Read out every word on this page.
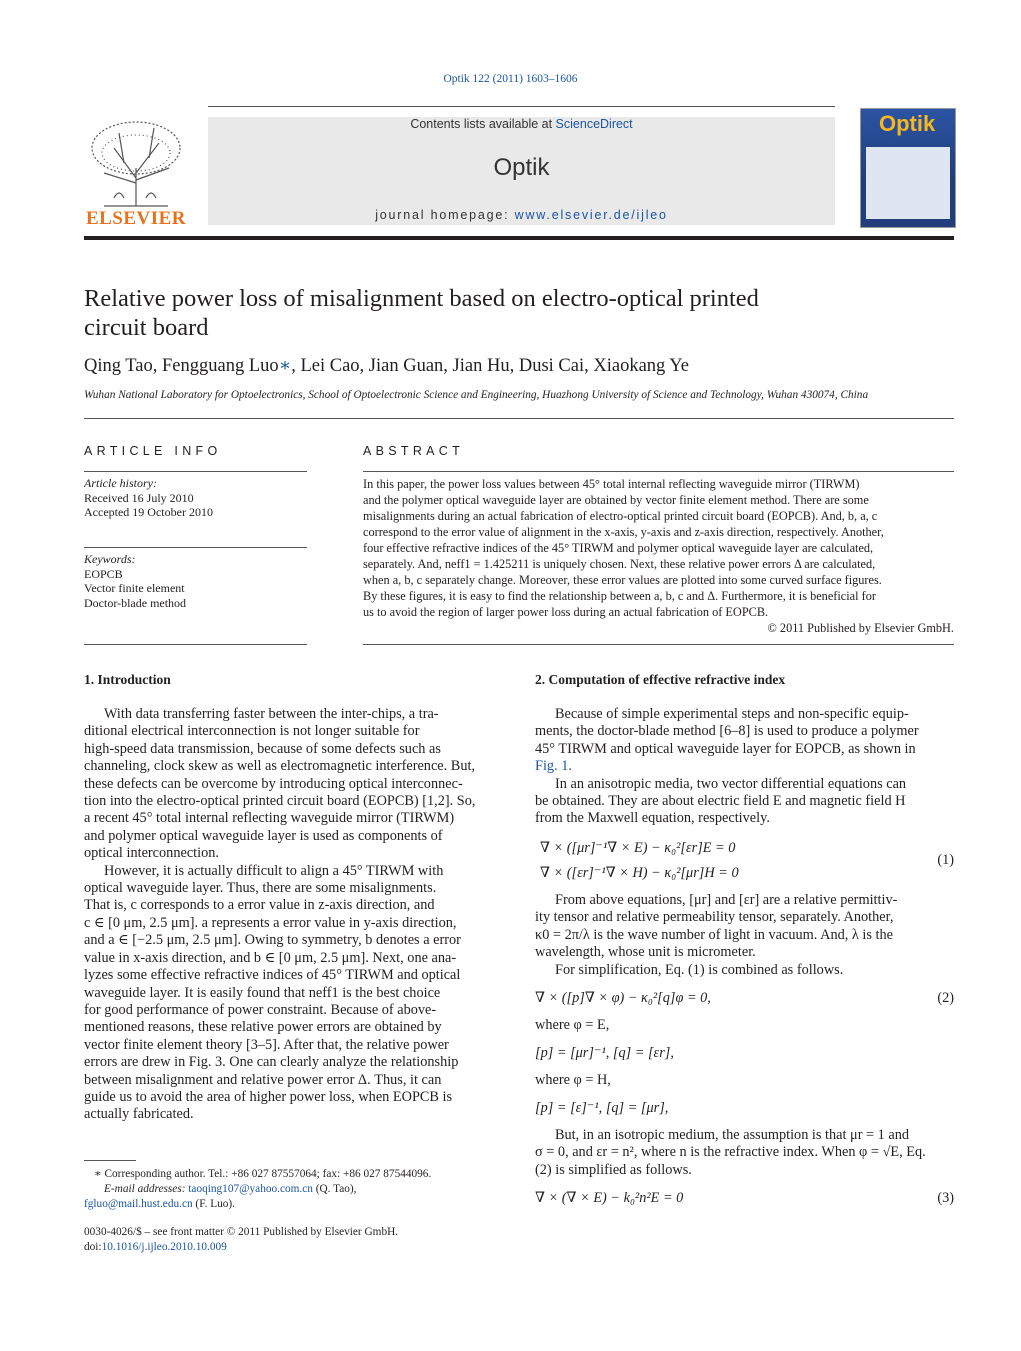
Optik 122 (2011) 1603–1606
ELSEVIER
Contents lists available at ScienceDirect
Optik
journal homepage: www.elsevier.de/ijleo
Optik
Relative power loss of misalignment based on electro-optical printed
circuit board
Qing Tao, Fengguang Luo∗, Lei Cao, Jian Guan, Jian Hu, Dusi Cai, Xiaokang Ye
Wuhan National Laboratory for Optoelectronics, School of Optoelectronic Science and Engineering, Huazhong University of Science and Technology, Wuhan 430074, China
ARTICLE INFO
Article history:
Received 16 July 2010
Accepted 19 October 2010
Keywords:
EOPCB
Vector finite element
Doctor-blade method
ABSTRACT
In this paper, the power loss values between 45° total internal reflecting waveguide mirror (TIRWM)
and the polymer optical waveguide layer are obtained by vector finite element method. There are some
misalignments during an actual fabrication of electro-optical printed circuit board (EOPCB). And, b, a, c
correspond to the error value of alignment in the x-axis, y-axis and z-axis direction, respectively. Another,
four effective refractive indices of the 45° TIRWM and polymer optical waveguide layer are calculated,
separately. And, neff1 = 1.425211 is uniquely chosen. Next, these relative power errors Δ are calculated,
when a, b, c separately change. Moreover, these error values are plotted into some curved surface figures.
By these figures, it is easy to find the relationship between a, b, c and Δ. Furthermore, it is beneficial for
us to avoid the region of larger power loss during an actual fabrication of EOPCB.
© 2011 Published by Elsevier GmbH.
1. Introduction
With data transferring faster between the inter-chips, a tra-
ditional electrical interconnection is not longer suitable for
high-speed data transmission, because of some defects such as
channeling, clock skew as well as electromagnetic interference. But,
these defects can be overcome by introducing optical interconnec-
tion into the electro-optical printed circuit board (EOPCB) [1,2]. So,
a recent 45° total internal reflecting waveguide mirror (TIRWM)
and polymer optical waveguide layer is used as components of
optical interconnection.
However, it is actually difficult to align a 45° TIRWM with
optical waveguide layer. Thus, there are some misalignments.
That is, c corresponds to a error value in z-axis direction, and
c ∈ [0 μm, 2.5 μm]. a represents a error value in y-axis direction,
and a ∈ [−2.5 μm, 2.5 μm]. Owing to symmetry, b denotes a error
value in x-axis direction, and b ∈ [0 μm, 2.5 μm]. Next, one ana-
lyzes some effective refractive indices of 45° TIRWM and optical
waveguide layer. It is easily found that neff1 is the best choice
for good performance of power constraint. Because of above-
mentioned reasons, these relative power errors are obtained by
vector finite element theory [3–5]. After that, the relative power
errors are drew in Fig. 3. One can clearly analyze the relationship
between misalignment and relative power error Δ. Thus, it can
guide us to avoid the area of higher power loss, when EOPCB is
actually fabricated.
2. Computation of effective refractive index
Because of simple experimental steps and non-specific equip-
ments, the doctor-blade method [6–8] is used to produce a polymer
45° TIRWM and optical waveguide layer for EOPCB, as shown in
Fig. 1.
In an anisotropic media, two vector differential equations can
be obtained. They are about electric field E and magnetic field H
from the Maxwell equation, respectively.
∇ × ([μr]⁻¹∇ × E) − κ₀²[εr]E = 0
∇ × ([εr]⁻¹∇ × H) − κ₀²[μr]H = 0
(1)
From above equations, [μr] and [εr] are a relative permittiv-
ity tensor and relative permeability tensor, separately. Another,
κ0 = 2π/λ is the wave number of light in vacuum. And, λ is the
wavelength, whose unit is micrometer.
For simplification, Eq. (1) is combined as follows.
∇ × ([p]∇ × φ) − κ₀²[q]φ = 0,	(2)
where φ = E,
[p] = [μr]⁻¹, [q] = [εr],
where φ = H,
[p] = [ε]⁻¹, [q] = [μr],
But, in an isotropic medium, the assumption is that μr = 1 and
σ = 0, and εr = n², where n is the refractive index. When φ = √E, Eq.
(2) is simplified as follows.
∇ × (∇ × E) − k₀²n²E = 0	(3)
∗ Corresponding author. Tel.: +86 027 87557064; fax: +86 027 87544096.
E-mail addresses: taoqing107@yahoo.com.cn (Q. Tao),
fgluo@mail.hust.edu.cn (F. Luo).
0030-4026/$ – see front matter © 2011 Published by Elsevier GmbH.
doi:10.1016/j.ijleo.2010.10.009
